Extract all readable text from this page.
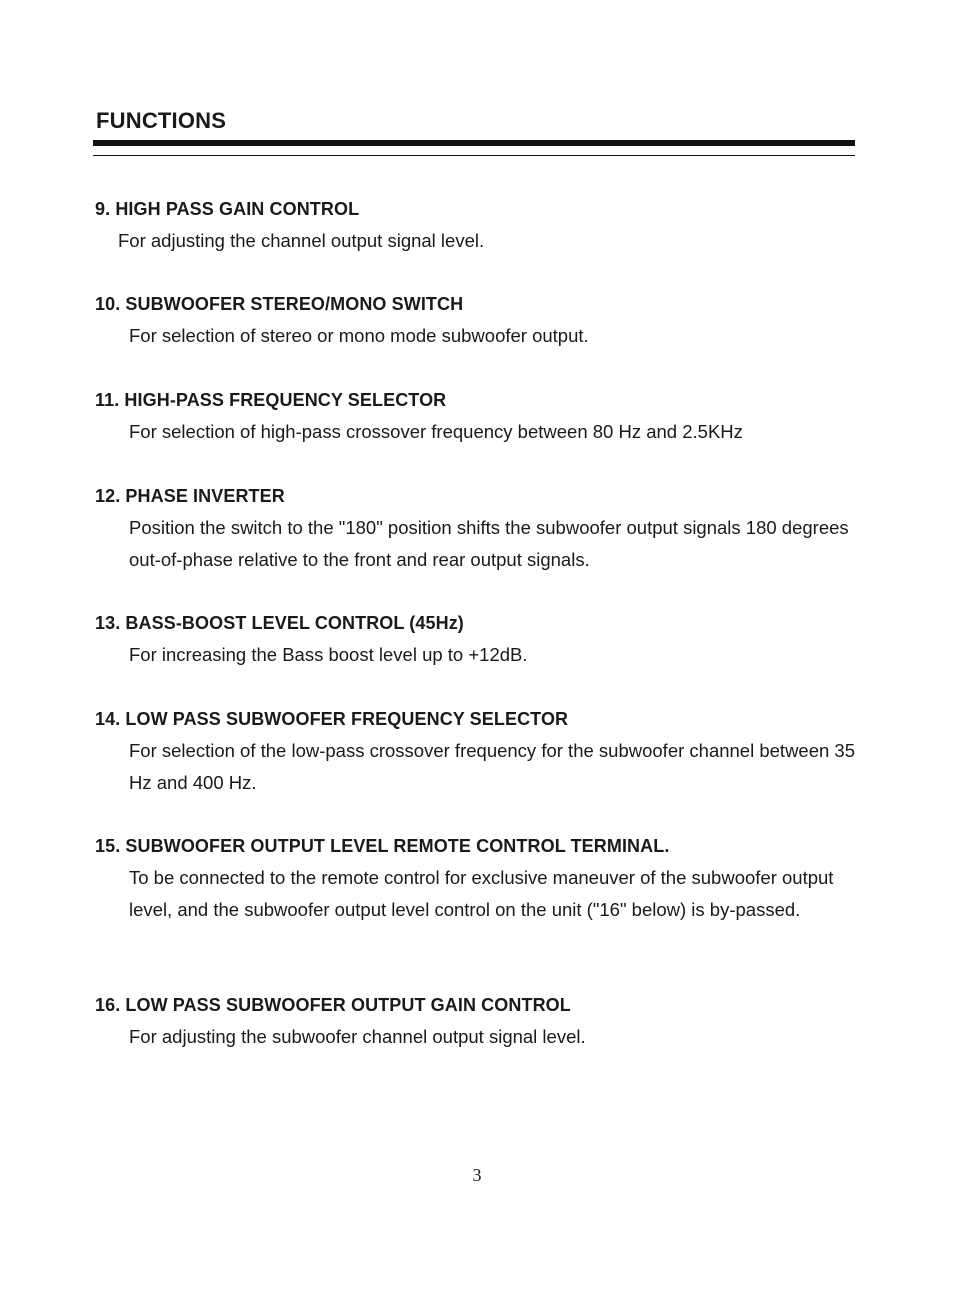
FUNCTIONS

9. HIGH PASS GAIN CONTROL

For adjusting the channel output signal level.

10. SUBWOOFER STEREO/MONO SWITCH

For selection of stereo or mono mode subwoofer output.

11. HIGH-PASS FREQUENCY SELECTOR

For selection of high-pass crossover frequency between 80 Hz and 2.5KHz

12. PHASE INVERTER

Position the switch to the "180" position shifts the subwoofer output signals 180 degrees out-of-phase relative to the front and rear output signals.

13. BASS-BOOST LEVEL CONTROL (45Hz)

For increasing the Bass boost level up to +12dB.

14. LOW PASS SUBWOOFER FREQUENCY SELECTOR

For selection of the low-pass crossover frequency for the subwoofer channel between 35 Hz and 400 Hz.

15. SUBWOOFER OUTPUT LEVEL REMOTE CONTROL TERMINAL.

To be connected to the remote control for exclusive maneuver of the subwoofer output level, and the subwoofer output level control on the unit ("16" below) is by-passed.

16. LOW PASS SUBWOOFER OUTPUT GAIN CONTROL

For adjusting the subwoofer channel output signal level.

3
